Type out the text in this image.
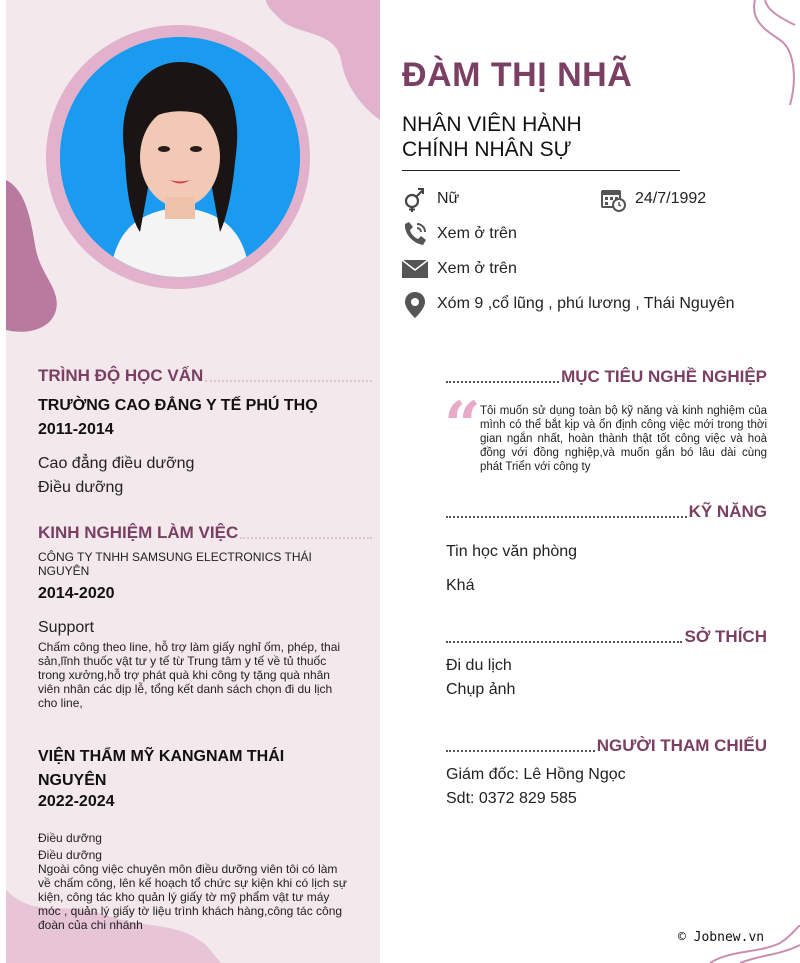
ĐÀM THỊ NHÃ
NHÂN VIÊN HÀNH
CHÍNH NHÂN SỰ
Nữ	24/7/1992
Xem ở trên
Xem ở trên
Xóm 9 ,cổ lũng , phú lương , Thái Nguyên
TRÌNH ĐỘ HỌC VẤN
TRƯỜNG CAO ĐẲNG Y TẾ PHÚ THỌ
2011-2014
Cao đẳng điều dưỡng
Điều dưỡng
KINH NGHIỆM LÀM VIỆC
CÔNG TY TNHH SAMSUNG ELECTRONICS THÁI
NGUYÊN
2014-2020
Support
Chấm công theo line, hỗ trợ làm giấy nghỉ ốm, phép, thai sản,lĩnh thuốc vật tư y tế từ Trung tâm y tế về tủ thuốc trong xưởng,hỗ trợ phát quà khi công ty tặng quà nhân viên nhân các dịp lễ, tổng kết danh sách chọn đi du lịch cho line,
VIỆN THẨM MỸ KANGNAM THÁI
NGUYÊN
2022-2024
Điều dưỡng
Điều dưỡng
Ngoài công việc chuyên môn điều dưỡng viên tôi có làm về chấm công, lên kế hoạch tổ chức sự kiện khi có lịch sự kiện, công tác kho quản lý giấy tờ mỹ phẩm vật tư máy móc , quản lý giấy tờ liệu trình khách hàng,công tác công đoàn của chi nhánh
MỤC TIÊU NGHỀ NGHIỆP
“ Tôi muốn sử dụng toàn bộ kỹ năng và kinh nghiệm của mình có thể bắt kịp và ổn định công việc mới trong thời gian ngắn nhất, hoàn thành thật tốt công việc và hoà đồng với đồng nghiệp,và muốn gắn bó lâu dài cùng phát Triển với công ty
KỸ NĂNG
Tin học văn phòng
Khá
SỞ THÍCH
Đi du lịch
Chụp ảnh
NGƯỜI THAM CHIẾU
Giám đốc: Lê Hồng Ngọc
Sdt: 0372 829 585
© Jobnew.vn
